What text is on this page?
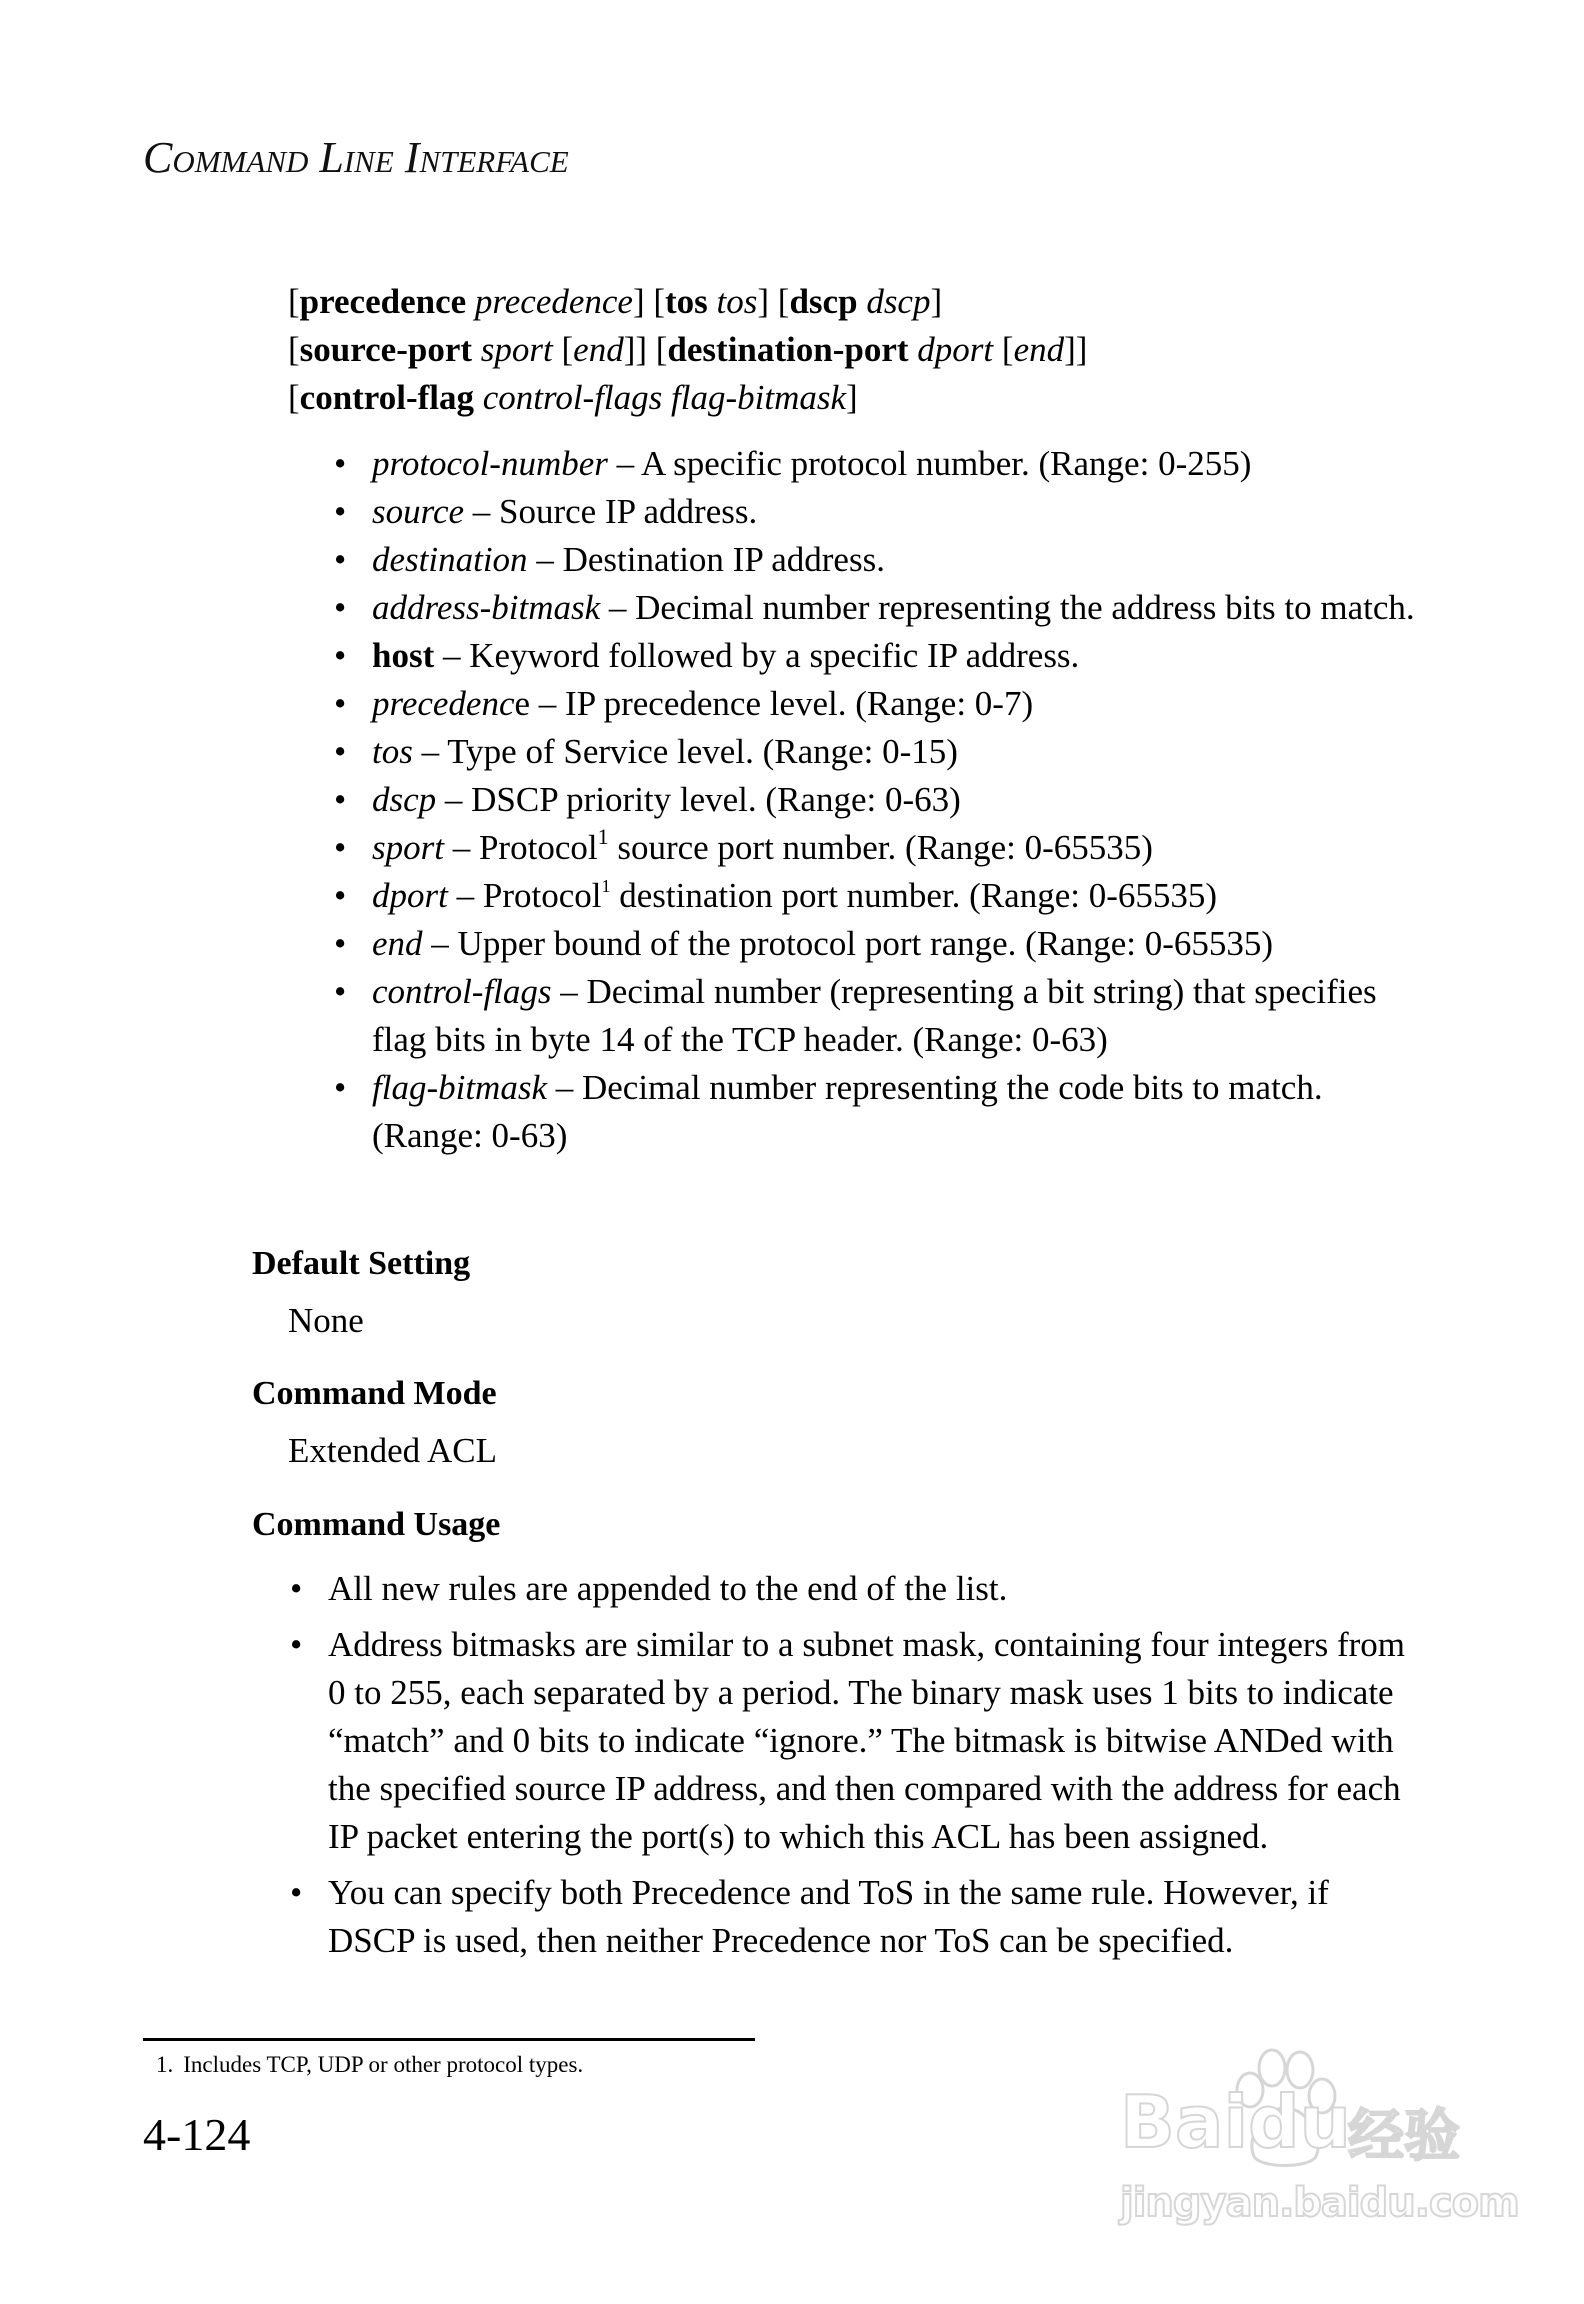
Command Line Interface
[precedence precedence] [tos tos] [dscp dscp]
[source-port sport [end]] [destination-port dport [end]]
[control-flag control-flags flag-bitmask]
• protocol-number – A specific protocol number. (Range: 0-255)
• source – Source IP address.
• destination – Destination IP address.
• address-bitmask – Decimal number representing the address bits to match.
• host – Keyword followed by a specific IP address.
• precedence – IP precedence level. (Range: 0-7)
• tos – Type of Service level. (Range: 0-15)
• dscp – DSCP priority level. (Range: 0-63)
• sport – Protocol$^1$ source port number. (Range: 0-65535)
• dport – Protocol$^1$ destination port number. (Range: 0-65535)
• end – Upper bound of the protocol port range. (Range: 0-65535)
• control-flags – Decimal number (representing a bit string) that specifies flag bits in byte 14 of the TCP header. (Range: 0-63)
• flag-bitmask – Decimal number representing the code bits to match. (Range: 0-63)
Default Setting
None
Command Mode
Extended ACL
Command Usage
• All new rules are appended to the end of the list.
• Address bitmasks are similar to a subnet mask, containing four integers from 0 to 255, each separated by a period. The binary mask uses 1 bits to indicate “match” and 0 bits to indicate “ignore.” The bitmask is bitwise ANDed with the specified source IP address, and then compared with the address for each IP packet entering the port(s) to which this ACL has been assigned.
• You can specify both Precedence and ToS in the same rule. However, if DSCP is used, then neither Precedence nor ToS can be specified.
1. Includes TCP, UDP or other protocol types.
4-124	Baidu
经验
jingyan.baidu.com
